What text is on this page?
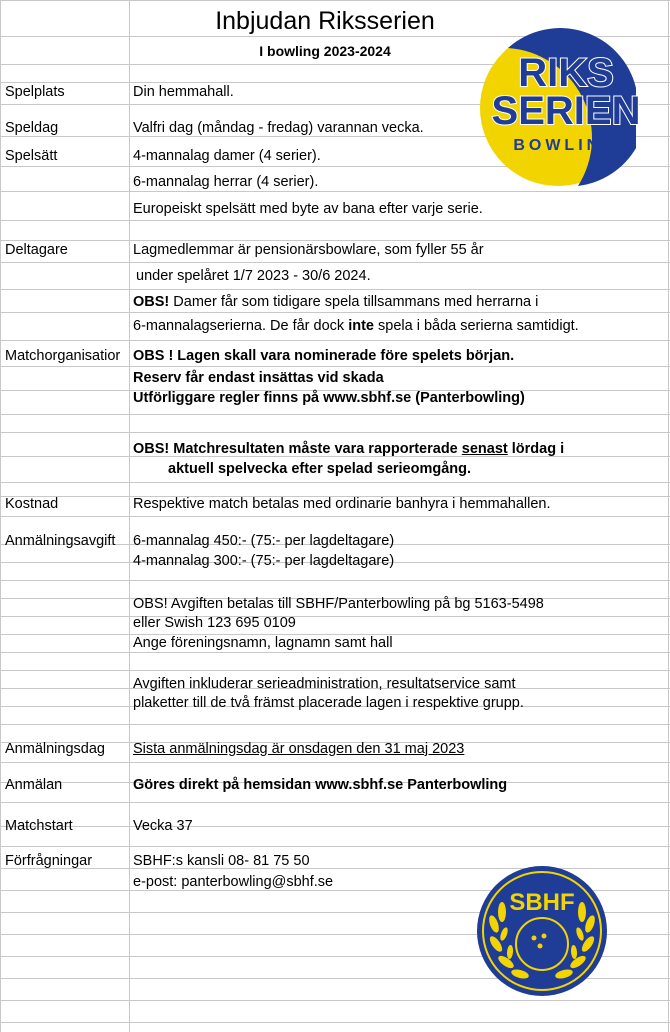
Inbjudan Riksserien
I bowling 2023-2024	RIKS
SERIEN
BOWLING
SBHF
Spelplats
Speldag
Spelsätt
Deltagare
Matchorganisatior
Kostnad
Anmälningsavgift
Anmälningsdag
Anmälan
Matchstart
Förfrågningar
Din hemmahall.
Valfri dag (måndag - fredag) varannan vecka.
4-mannalag damer (4 serier).
6-mannalag herrar (4 serier).
Europeiskt spelsätt med byte av bana efter varje serie.
Lagmedlemmar är pensionärsbowlare, som fyller 55 år
under spelåret 1/7 2023 - 30/6 2024.
OBS! Damer får som tidigare spela tillsammans med herrarna i
6-mannalagserierna. De får dock inte spela i båda serierna samtidigt.
OBS ! Lagen skall vara nominerade före spelets början.
Reserv får endast insättas vid skada
Utförliggare regler finns på www.sbhf.se (Panterbowling)
OBS! Matchresultaten måste vara rapporterade senast lördag i
aktuell spelvecka efter spelad serieomgång.
Respektive match betalas med ordinarie banhyra i hemmahallen.
6-mannalag 450:- (75:- per lagdeltagare)
4-mannalag 300:- (75:- per lagdeltagare)
OBS! Avgiften betalas till SBHF/Panterbowling på bg 5163-5498
eller Swish 123 695 0109
Ange föreningsnamn, lagnamn samt hall
Avgiften inkluderar serieadministration, resultatservice samt
plaketter till de två främst placerade lagen i respektive grupp.
Sista anmälningsdag är onsdagen den 31 maj 2023
Göres direkt på hemsidan www.sbhf.se Panterbowling
Vecka 37
SBHF:s kansli 08- 81 75 50
e-post: panterbowling@sbhf.se
